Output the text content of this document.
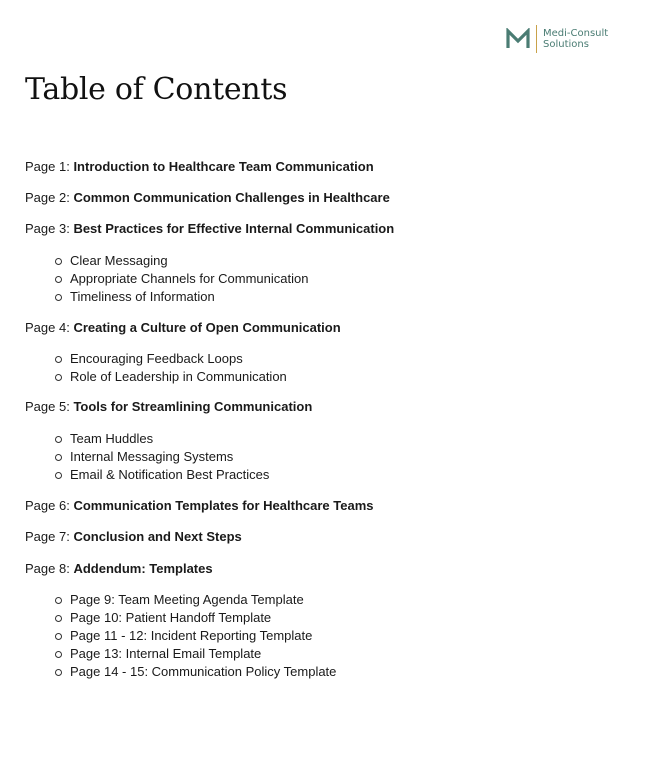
Medi-Consult
Solutions
Table of Contents

Page 1: Introduction to Healthcare Team Communication

Page 2: Common Communication Challenges in Healthcare

Page 3: Best Practices for Effective Internal Communication

Clear Messaging
Appropriate Channels for Communication
Timeliness of Information

Page 4: Creating a Culture of Open Communication

Encouraging Feedback Loops
Role of Leadership in Communication

Page 5: Tools for Streamlining Communication

Team Huddles
Internal Messaging Systems
Email & Notification Best Practices

Page 6: Communication Templates for Healthcare Teams

Page 7: Conclusion and Next Steps

Page 8: Addendum: Templates

Page 9: Team Meeting Agenda Template
Page 10: Patient Handoff Template
Page 11 - 12: Incident Reporting Template
Page 13: Internal Email Template
Page 14 - 15: Communication Policy Template
